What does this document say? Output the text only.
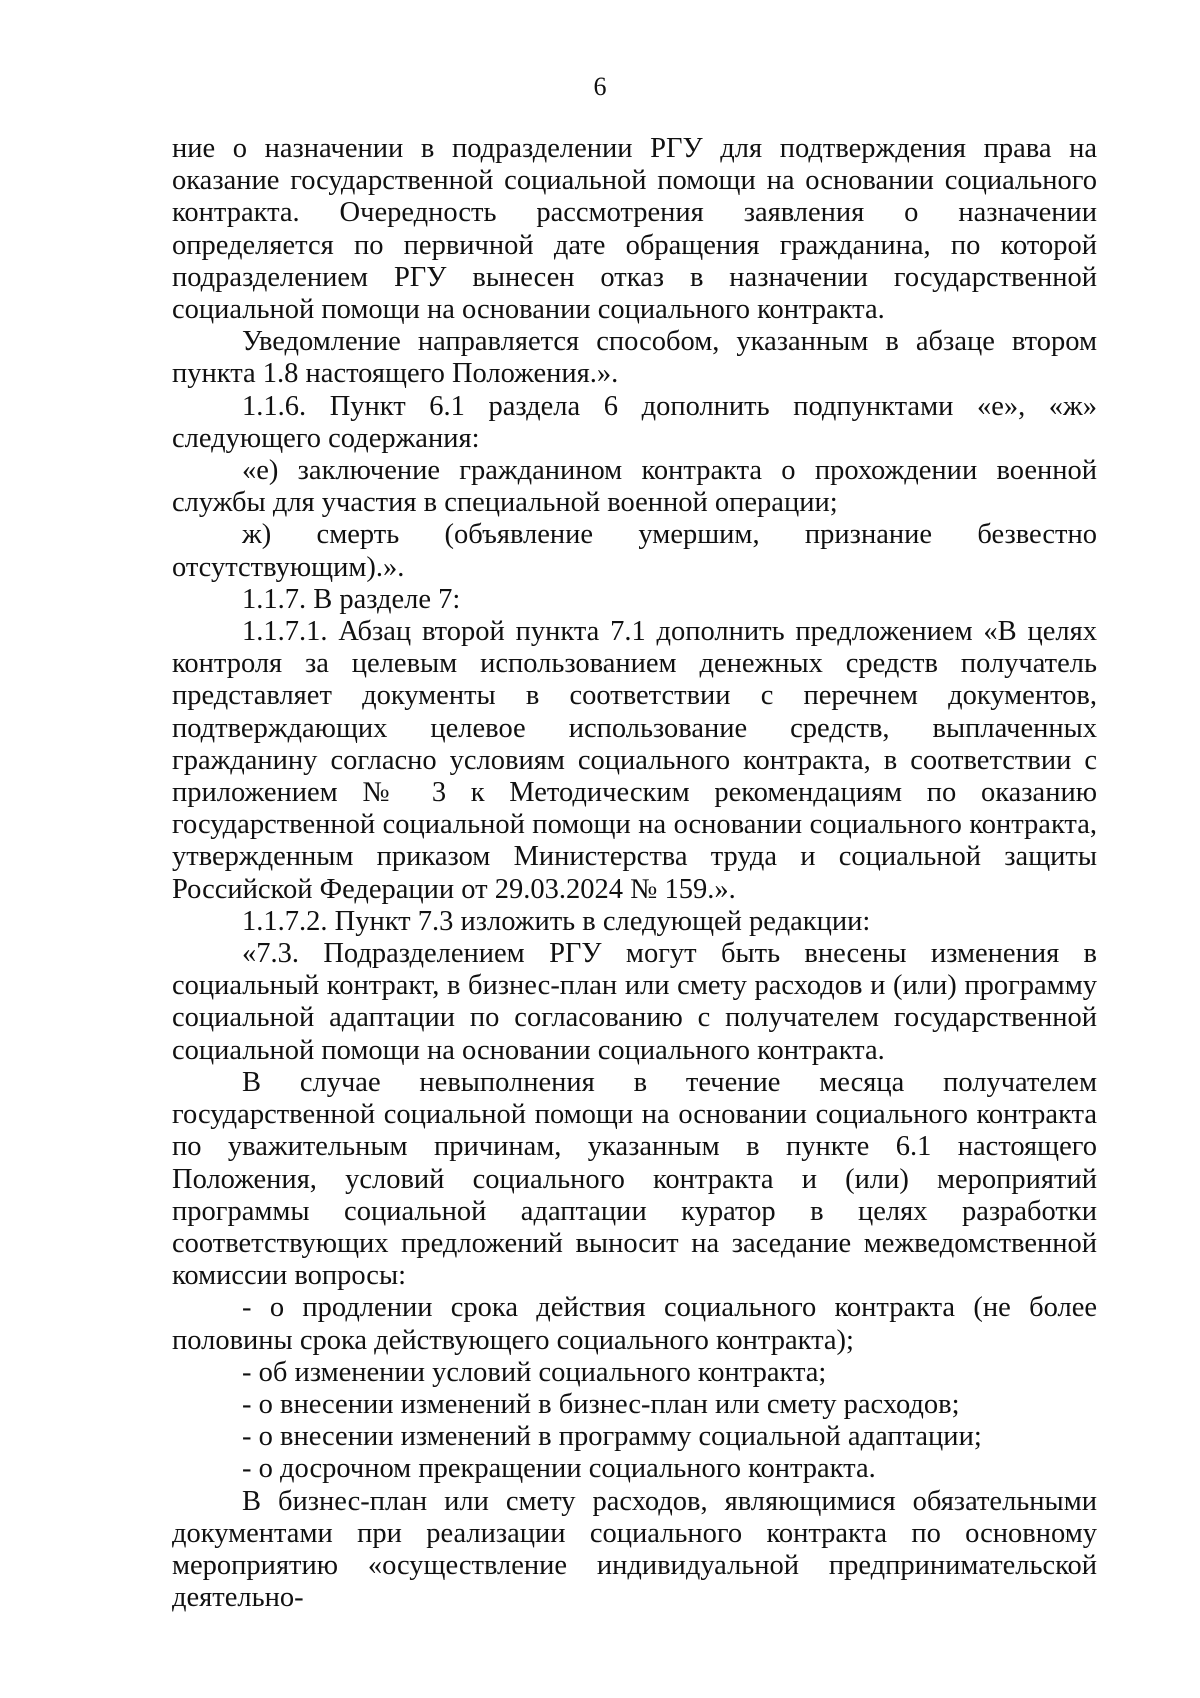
6

ние о назначении в подразделении РГУ для подтверждения права на оказание государственной социальной помощи на основании социального контракта. Очередность рассмотрения заявления о назначении определяется по первичной дате обращения гражданина, по которой подразделением РГУ вынесен отказ в назначении государственной социальной помощи на основании социального контракта.

Уведомление направляется способом, указанным в абзаце втором пункта 1.8 настоящего Положения.».

1.1.6. Пункт 6.1 раздела 6 дополнить подпунктами «е», «ж» следующего содержания:

«е) заключение гражданином контракта о прохождении военной службы для участия в специальной военной операции;

ж) смерть (объявление умершим, признание безвестно отсутствующим).».

1.1.7. В разделе 7:

1.1.7.1. Абзац второй пункта 7.1 дополнить предложением «В целях контроля за целевым использованием денежных средств получатель представляет документы в соответствии с перечнем документов, подтверждающих целевое использование средств, выплаченных гражданину согласно условиям социального контракта, в соответствии с приложением № 3 к Методическим рекомендациям по оказанию государственной социальной помощи на основании социального контракта, утвержденным приказом Министерства труда и социальной защиты Российской Федерации от 29.03.2024 № 159.».

1.1.7.2. Пункт 7.3 изложить в следующей редакции:

«7.3. Подразделением РГУ могут быть внесены изменения в социальный контракт, в бизнес-план или смету расходов и (или) программу социальной адаптации по согласованию с получателем государственной социальной помощи на основании социального контракта.

В случае невыполнения в течение месяца получателем государственной социальной помощи на основании социального контракта по уважительным причинам, указанным в пункте 6.1 настоящего Положения, условий социального контракта и (или) мероприятий программы социальной адаптации куратор в целях разработки соответствующих предложений выносит на заседание межведомственной комиссии вопросы:

- о продлении срока действия социального контракта (не более половины срока действующего социального контракта);

- об изменении условий социального контракта;

- о внесении изменений в бизнес-план или смету расходов;

- о внесении изменений в программу социальной адаптации;

- о досрочном прекращении социального контракта.

В бизнес-план или смету расходов, являющимися обязательными документами при реализации социального контракта по основному мероприятию «осуществление индивидуальной предпринимательской деятельно-
